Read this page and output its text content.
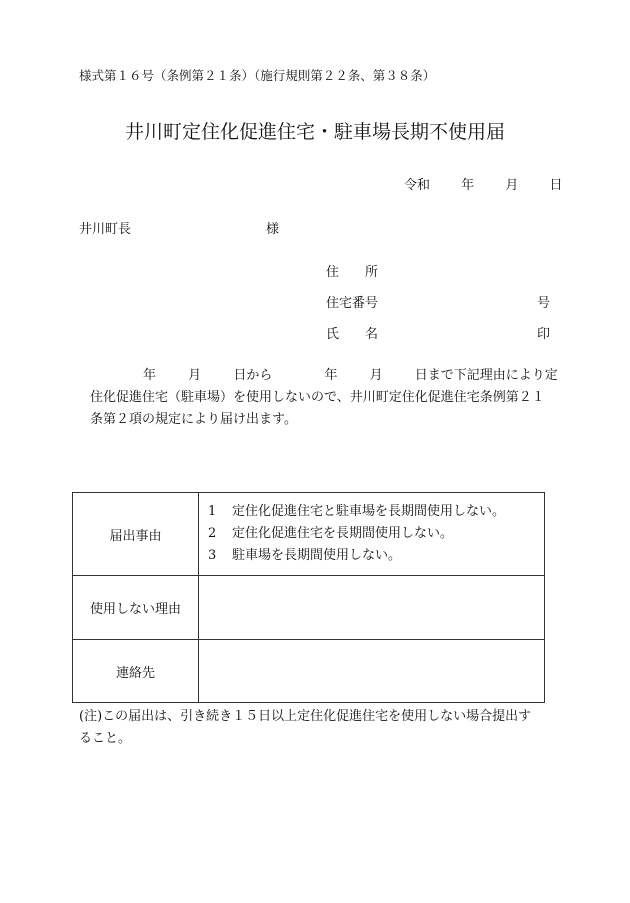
様式第１６号（条例第２１条）（施行規則第２２条、第３８条）
井川町定住化促進住宅・駐車場長期不使用届
令和 年 月 日
井川町長	様
住　　所
住宅番号	号
氏　　名	印
年 月 日から	年 月 日まで下記理由により定
住化促進住宅（駐車場）を使用しないので、井川町定住化促進住宅条例第２１
条第２項の規定により届け出ます。
届出事由	1 定住化促進住宅と駐車場を長期間使用しない。
2 定住化促進住宅を長期間使用しない。
3 駐車場を長期間使用しない。

使用しない理由	
連絡先	
(注)この届出は、引き続き１５日以上定住化促進住宅を使用しない場合提出す
ること。
